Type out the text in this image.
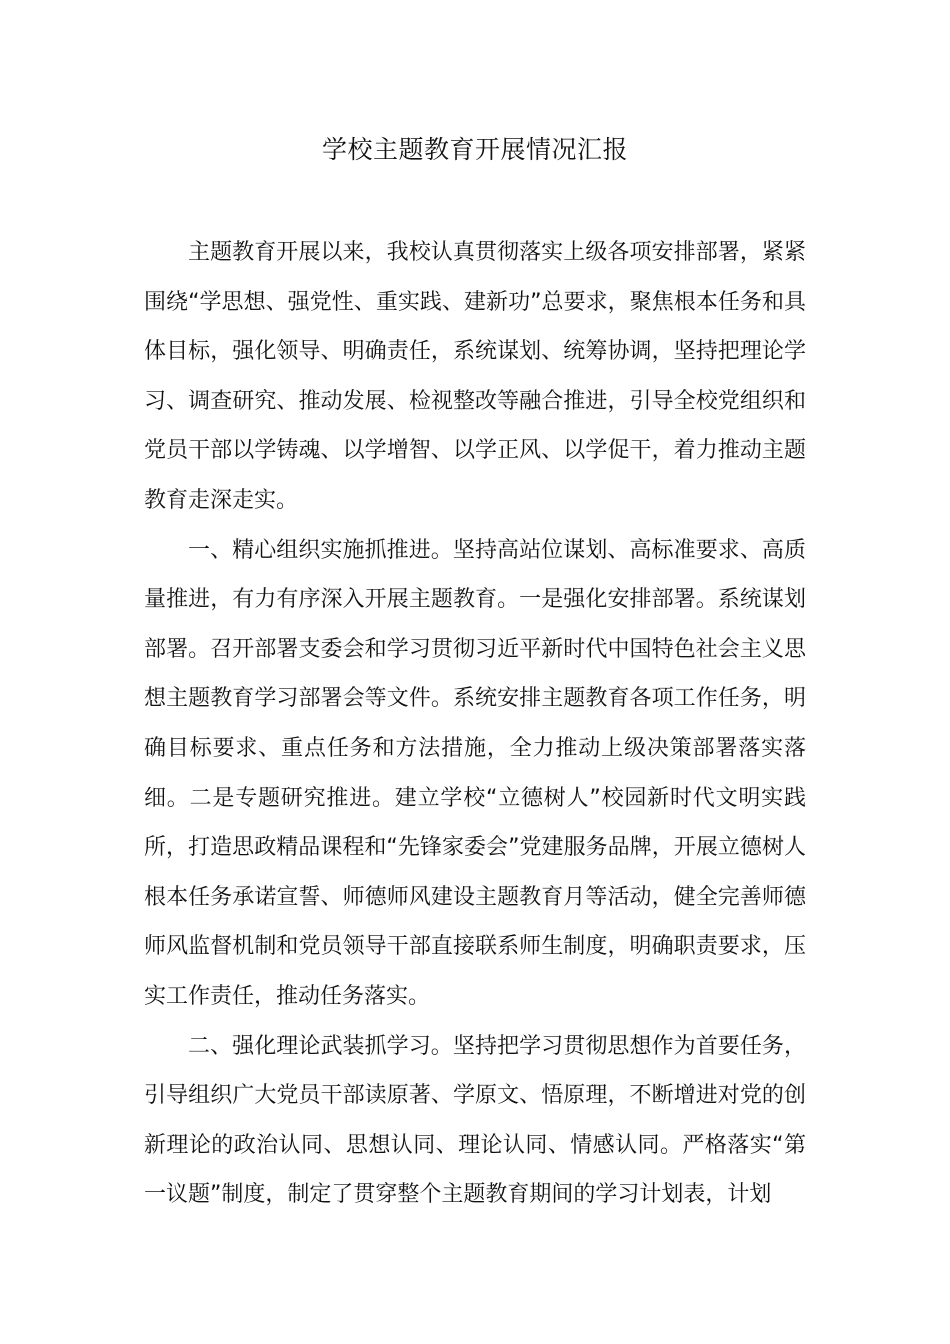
学校主题教育开展情况汇报

主题教育开展以来，我校认真贯彻落实上级各项安排部署，紧紧围绕“学思想、强党性、重实践、建新功”总要求，聚焦根本任务和具体目标，强化领导、明确责任，系统谋划、统筹协调，坚持把理论学习、调查研究、推动发展、检视整改等融合推进，引导全校党组织和党员干部以学铸魂、以学增智、以学正风、以学促干，着力推动主题教育走深走实。

一、精心组织实施抓推进。坚持高站位谋划、高标准要求、高质量推进，有力有序深入开展主题教育。一是强化安排部署。系统谋划部署。召开部署支委会和学习贯彻习近平新时代中国特色社会主义思想主题教育学习部署会等文件。系统安排主题教育各项工作任务，明确目标要求、重点任务和方法措施，全力推动上级决策部署落实落细。二是专题研究推进。建立学校“立德树人”校园新时代文明实践所，打造思政精品课程和“先锋家委会”党建服务品牌，开展立德树人根本任务承诺宣誓、师德师风建设主题教育月等活动，健全完善师德师风监督机制和党员领导干部直接联系师生制度，明确职责要求，压实工作责任，推动任务落实。

二、强化理论武装抓学习。坚持把学习贯彻思想作为首要任务，引导组织广大党员干部读原著、学原文、悟原理，不断增进对党的创新理论的政治认同、思想认同、理论认同、情感认同。严格落实“第一议题”制度，制定了贯穿整个主题教育期间的学习计划表，计划
